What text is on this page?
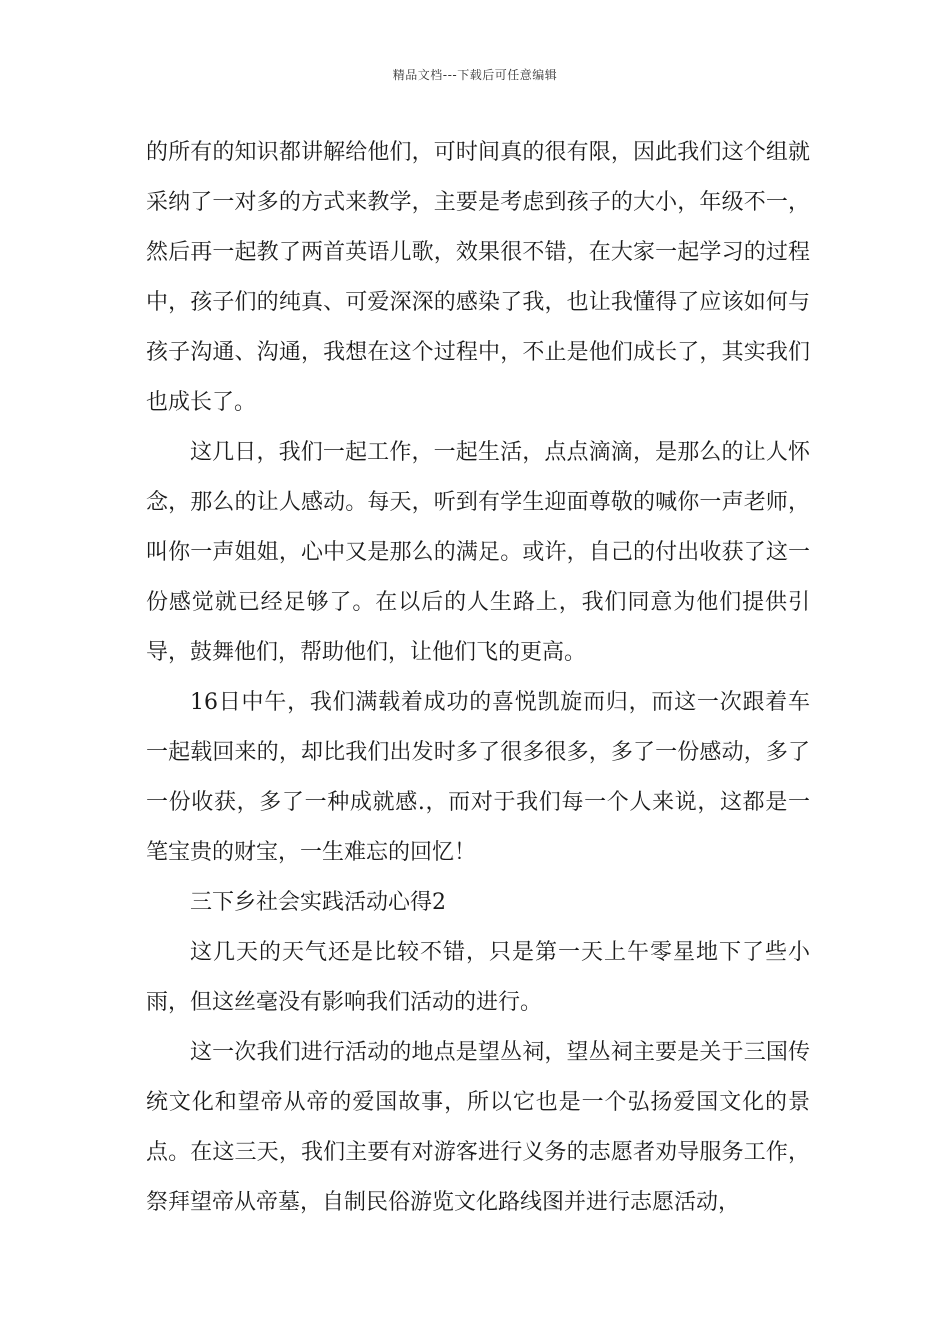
精品文档---下载后可任意编辑

的所有的知识都讲解给他们，可时间真的很有限，因此我们这个组就采纳了一对多的方式来教学，主要是考虑到孩子的大小，年级不一，然后再一起教了两首英语儿歌，效果很不错，在大家一起学习的过程中，孩子们的纯真、可爱深深的感染了我，也让我懂得了应该如何与孩子沟通、沟通，我想在这个过程中，不止是他们成长了，其实我们也成长了。

这几日，我们一起工作，一起生活，点点滴滴，是那么的让人怀念，那么的让人感动。每天，听到有学生迎面尊敬的喊你一声老师，叫你一声姐姐，心中又是那么的满足。或许，自己的付出收获了这一份感觉就已经足够了。在以后的人生路上，我们同意为他们提供引导，鼓舞他们，帮助他们，让他们飞的更高。

16日中午，我们满载着成功的喜悦凯旋而归，而这一次跟着车一起载回来的，却比我们出发时多了很多很多，多了一份感动，多了一份收获，多了一种成就感.，而对于我们每一个人来说，这都是一笔宝贵的财宝，一生难忘的回忆！

三下乡社会实践活动心得2

这几天的天气还是比较不错，只是第一天上午零星地下了些小雨，但这丝毫没有影响我们活动的进行。

这一次我们进行活动的地点是望丛祠，望丛祠主要是关于三国传统文化和望帝从帝的爱国故事，所以它也是一个弘扬爱国文化的景点。在这三天，我们主要有对游客进行义务的志愿者劝导服务工作，祭拜望帝从帝墓，自制民俗游览文化路线图并进行志愿活动，
